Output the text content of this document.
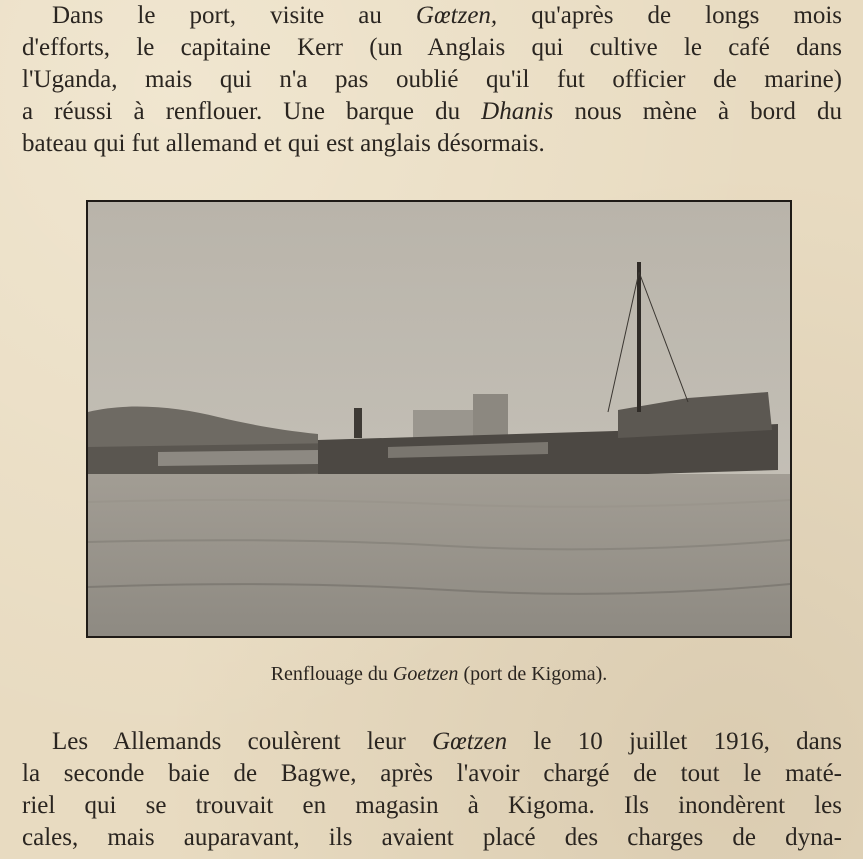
Dans le port, visite au Gœtzen, qu'après de longs mois
d'efforts, le capitaine Kerr (un Anglais qui cultive le café dans
l'Uganda, mais qui n'a pas oublié qu'il fut officier de marine)
a réussi à renflouer. Une barque du Dhanis nous mène à bord du
bateau qui fut allemand et qui est anglais désormais.

Renflouage du Goetzen (port de Kigoma).

Les Allemands coulèrent leur Gœtzen le 10 juillet 1916, dans
la seconde baie de Bagwe, après l'avoir chargé de tout le maté-
riel qui se trouvait en magasin à Kigoma. Ils inondèrent les
cales, mais auparavant, ils avaient placé des charges de dyna-
